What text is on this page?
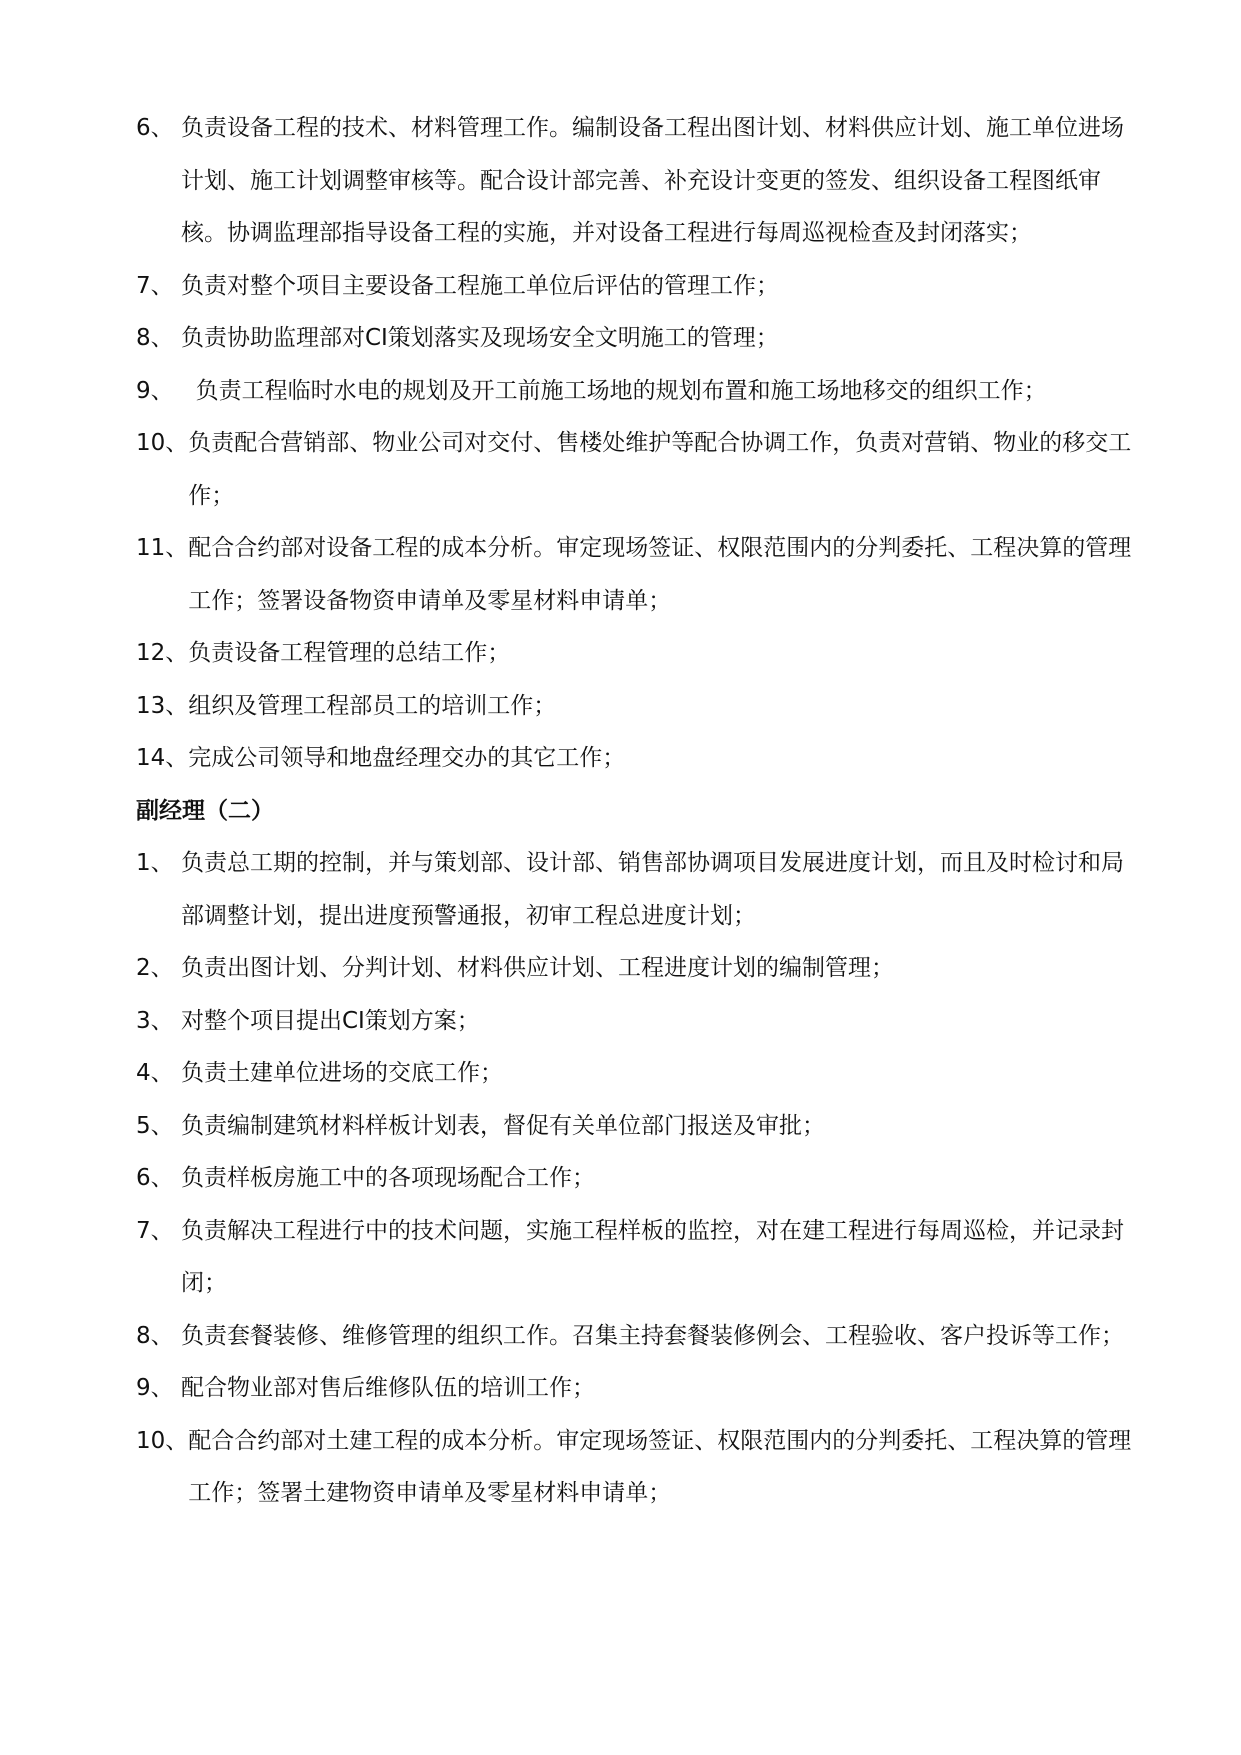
6、 负责设备工程的技术、材料管理工作。编制设备工程出图计划、材料供应计划、施工单位进场计划、施工计划调整审核等。配合设计部完善、补充设计变更的签发、组织设备工程图纸审核。协调监理部指导设备工程的实施，并对设备工程进行每周巡视检查及封闭落实；
7、 负责对整个项目主要设备工程施工单位后评估的管理工作；
8、 负责协助监理部对CI策划落实及现场安全文明施工的管理；
9、 负责工程临时水电的规划及开工前施工场地的规划布置和施工场地移交的组织工作；
10、 负责配合营销部、物业公司对交付、售楼处维护等配合协调工作，负责对营销、物业的移交工作；
11、 配合合约部对设备工程的成本分析。审定现场签证、权限范围内的分判委托、工程决算的管理工作；签署设备物资申请单及零星材料申请单；
12、 负责设备工程管理的总结工作；
13、 组织及管理工程部员工的培训工作；
14、 完成公司领导和地盘经理交办的其它工作；
副经理（二）
1、 负责总工期的控制，并与策划部、设计部、销售部协调项目发展进度计划，而且及时检讨和局部调整计划，提出进度预警通报，初审工程总进度计划；
2、 负责出图计划、分判计划、材料供应计划、工程进度计划的编制管理；
3、 对整个项目提出CI策划方案；
4、 负责土建单位进场的交底工作；
5、 负责编制建筑材料样板计划表，督促有关单位部门报送及审批；
6、 负责样板房施工中的各项现场配合工作；
7、 负责解决工程进行中的技术问题，实施工程样板的监控，对在建工程进行每周巡检，并记录封闭；
8、 负责套餐装修、维修管理的组织工作。召集主持套餐装修例会、工程验收、客户投诉等工作；
9、 配合物业部对售后维修队伍的培训工作；
10、 配合合约部对土建工程的成本分析。审定现场签证、权限范围内的分判委托、工程决算的管理工作；签署土建物资申请单及零星材料申请单；
